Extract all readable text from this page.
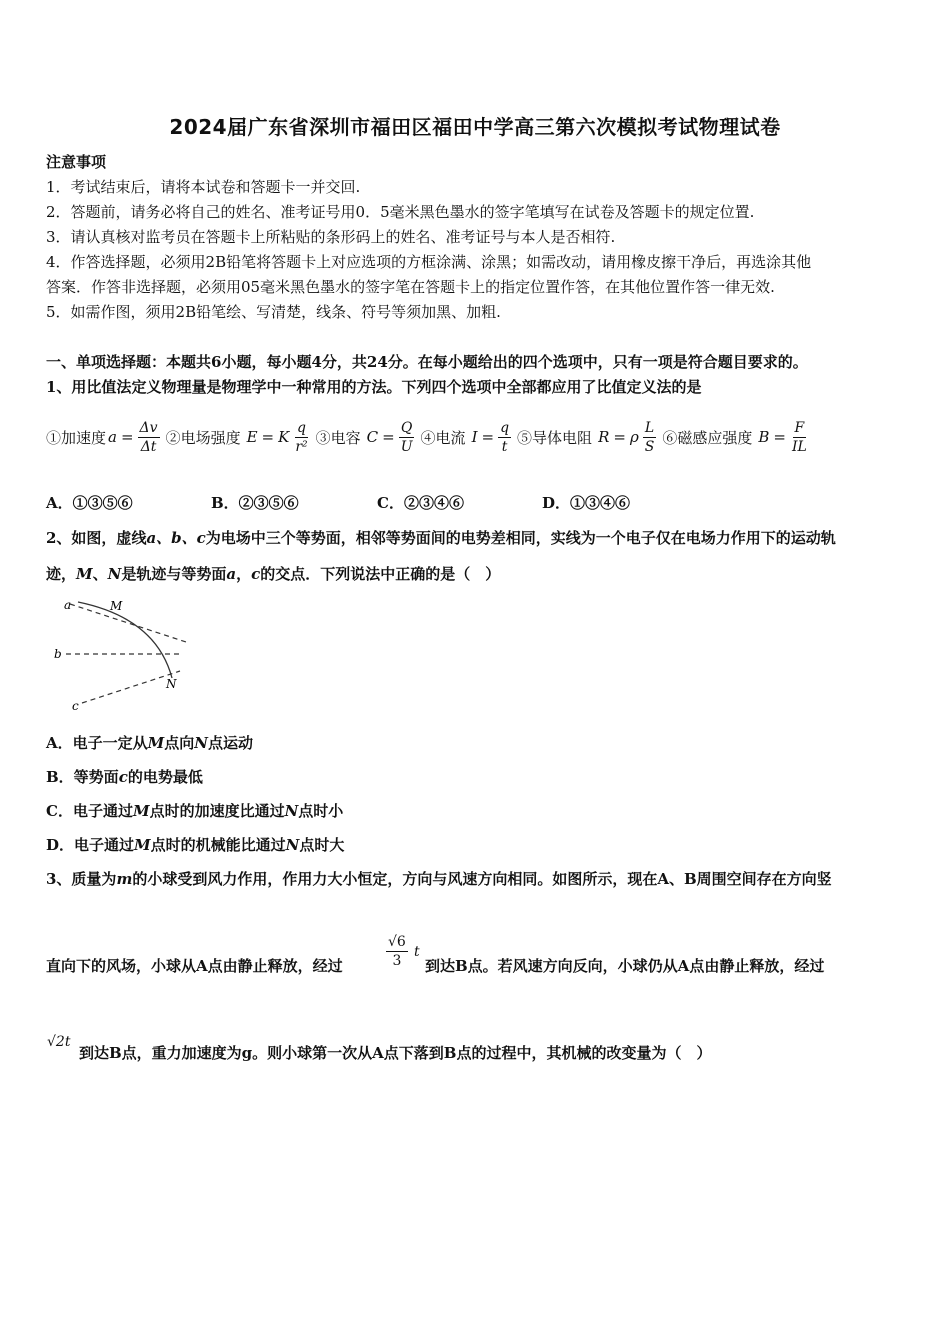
2024届广东省深圳市福田区福田中学高三第六次模拟考试物理试卷
注意事项
1．考试结束后，请将本试卷和答题卡一并交回.
2．答题前，请务必将自己的姓名、准考证号用0．5毫米黑色墨水的签字笔填写在试卷及答题卡的规定位置.
3．请认真核对监考员在答题卡上所粘贴的条形码上的姓名、准考证号与本人是否相符.
4．作答选择题，必须用2B铅笔将答题卡上对应选项的方框涂满、涂黑；如需改动，请用橡皮擦干净后，再选涂其他
答案．作答非选择题，必须用05毫米黑色墨水的签字笔在答题卡上的指定位置作答，在其他位置作答一律无效.
5．如需作图，须用2B铅笔绘、写清楚，线条、符号等须加黑、加粗.
一、单项选择题：本题共6小题，每小题4分，共24分。在每小题给出的四个选项中，只有一项是符合题目要求的。
1、用比值法定义物理量是物理学中一种常用的方法。下列四个选项中全部都应用了比值定义法的是
①加速度 $a = \frac{\Delta v}{\Delta t}$ ②电场强度 E = K $\frac{q}{\text{r²}}$ ③电容 $C = \frac{Q}{U}$ ④电流 $I = \frac{q}{t}$ ⑤导体电阻 R = ρ $\frac{L}{S}$ ⑥磁感应强度 $B = \frac{F}{IL}$
A．①③⑤⑥	B．②③⑤⑥	C．②③④⑥	D．①③④⑥
2、如图，虚线a、b、c为电场中三个等势面，相邻等势面间的电势差相同，实线为一个电子仅在电场力作用下的运动轨
迹，M、N是轨迹与等势面a，c的交点．下列说法中正确的是（　）
a	M
b
c
N
A．电子一定从M点向N点运动
B．等势面c的电势最低
C．电子通过M点时的加速度比通过N点时小
D．电子通过M点时的机械能比通过N点时大
3、质量为m的小球受到风力作用，作用力大小恒定，方向与风速方向相同。如图所示，现在A、B周围空间存在方向竖
直向下的风场，小球从A点由静止释放，经过	$\frac{√6}{3}$ t
到达B点。若风速方向反向，小球仍从A点由静止释放，经过
√2t
到达B点，重力加速度为g。则小球第一次从A点下落到B点的过程中，其机械的改变量为（　）
